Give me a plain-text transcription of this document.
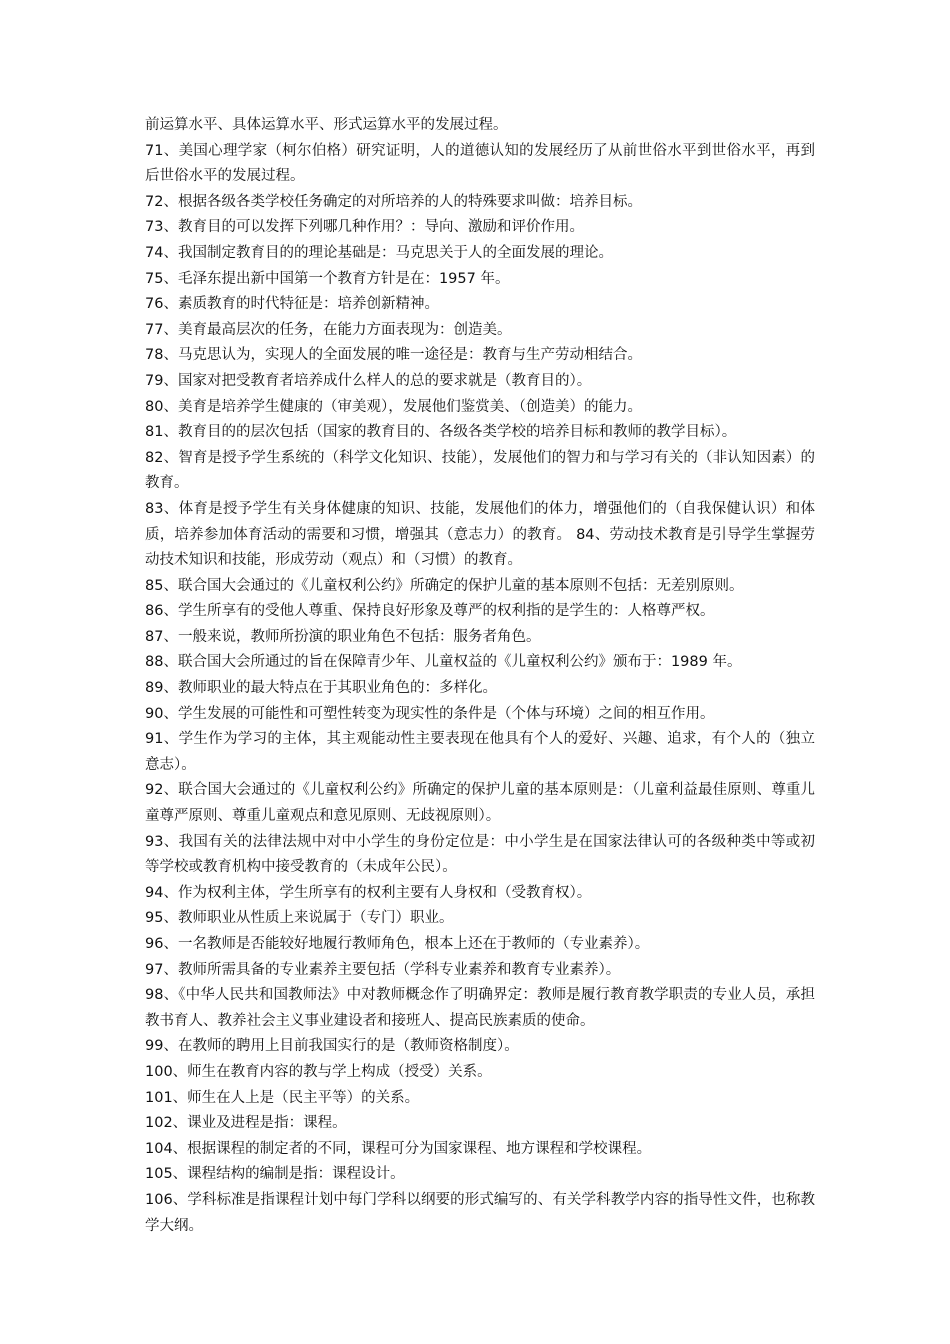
前运算水平、具体运算水平、形式运算水平的发展过程。

71、美国心理学家（柯尔伯格）研究证明，人的道德认知的发展经历了从前世俗水平到世俗水平，再到后世俗水平的发展过程。

72、根据各级各类学校任务确定的对所培养的人的特殊要求叫做：培养目标。

73、教育目的可以发挥下列哪几种作用？：导向、激励和评价作用。

74、我国制定教育目的的理论基础是：马克思关于人的全面发展的理论。

75、毛泽东提出新中国第一个教育方针是在：1957 年。

76、素质教育的时代特征是：培养创新精神。

77、美育最高层次的任务，在能力方面表现为：创造美。

78、马克思认为，实现人的全面发展的唯一途径是：教育与生产劳动相结合。

79、国家对把受教育者培养成什么样人的总的要求就是（教育目的）。

80、美育是培养学生健康的（审美观），发展他们鉴赏美、（创造美）的能力。

81、教育目的的层次包括（国家的教育目的、各级各类学校的培养目标和教师的教学目标）。

82、智育是授予学生系统的（科学文化知识、技能），发展他们的智力和与学习有关的（非认知因素）的教育。

83、体育是授予学生有关身体健康的知识、技能，发展他们的体力，增强他们的（自我保健认识）和体质，培养参加体育活动的需要和习惯，增强其（意志力）的教育。 84、劳动技术教育是引导学生掌握劳动技术知识和技能，形成劳动（观点）和（习惯）的教育。

85、联合国大会通过的《儿童权利公约》所确定的保护儿童的基本原则不包括：无差别原则。

86、学生所享有的受他人尊重、保持良好形象及尊严的权利指的是学生的：人格尊严权。

87、一般来说，教师所扮演的职业角色不包括：服务者角色。

88、联合国大会所通过的旨在保障青少年、儿童权益的《儿童权利公约》颁布于：1989 年。

89、教师职业的最大特点在于其职业角色的：多样化。

90、学生发展的可能性和可塑性转变为现实性的条件是（个体与环境）之间的相互作用。

91、学生作为学习的主体，其主观能动性主要表现在他具有个人的爱好、兴趣、追求，有个人的（独立意志）。

92、联合国大会通过的《儿童权利公约》所确定的保护儿童的基本原则是：（儿童利益最佳原则、尊重儿童尊严原则、尊重儿童观点和意见原则、无歧视原则）。

93、我国有关的法律法规中对中小学生的身份定位是：中小学生是在国家法律认可的各级种类中等或初等学校或教育机构中接受教育的（未成年公民）。

94、作为权利主体，学生所享有的权利主要有人身权和（受教育权）。

95、教师职业从性质上来说属于（专门）职业。

96、一名教师是否能较好地履行教师角色，根本上还在于教师的（专业素养）。

97、教师所需具备的专业素养主要包括（学科专业素养和教育专业素养）。

98、《中华人民共和国教师法》中对教师概念作了明确界定：教师是履行教育教学职责的专业人员，承担教书育人、教养社会主义事业建设者和接班人、提高民族素质的使命。

99、在教师的聘用上目前我国实行的是（教师资格制度）。

100、师生在教育内容的教与学上构成（授受）关系。

101、师生在人上是（民主平等）的关系。

102、课业及进程是指：课程。

104、根据课程的制定者的不同，课程可分为国家课程、地方课程和学校课程。

105、课程结构的编制是指：课程设计。

106、学科标准是指课程计划中每门学科以纲要的形式编写的、有关学科教学内容的指导性文件，也称教学大纲。
